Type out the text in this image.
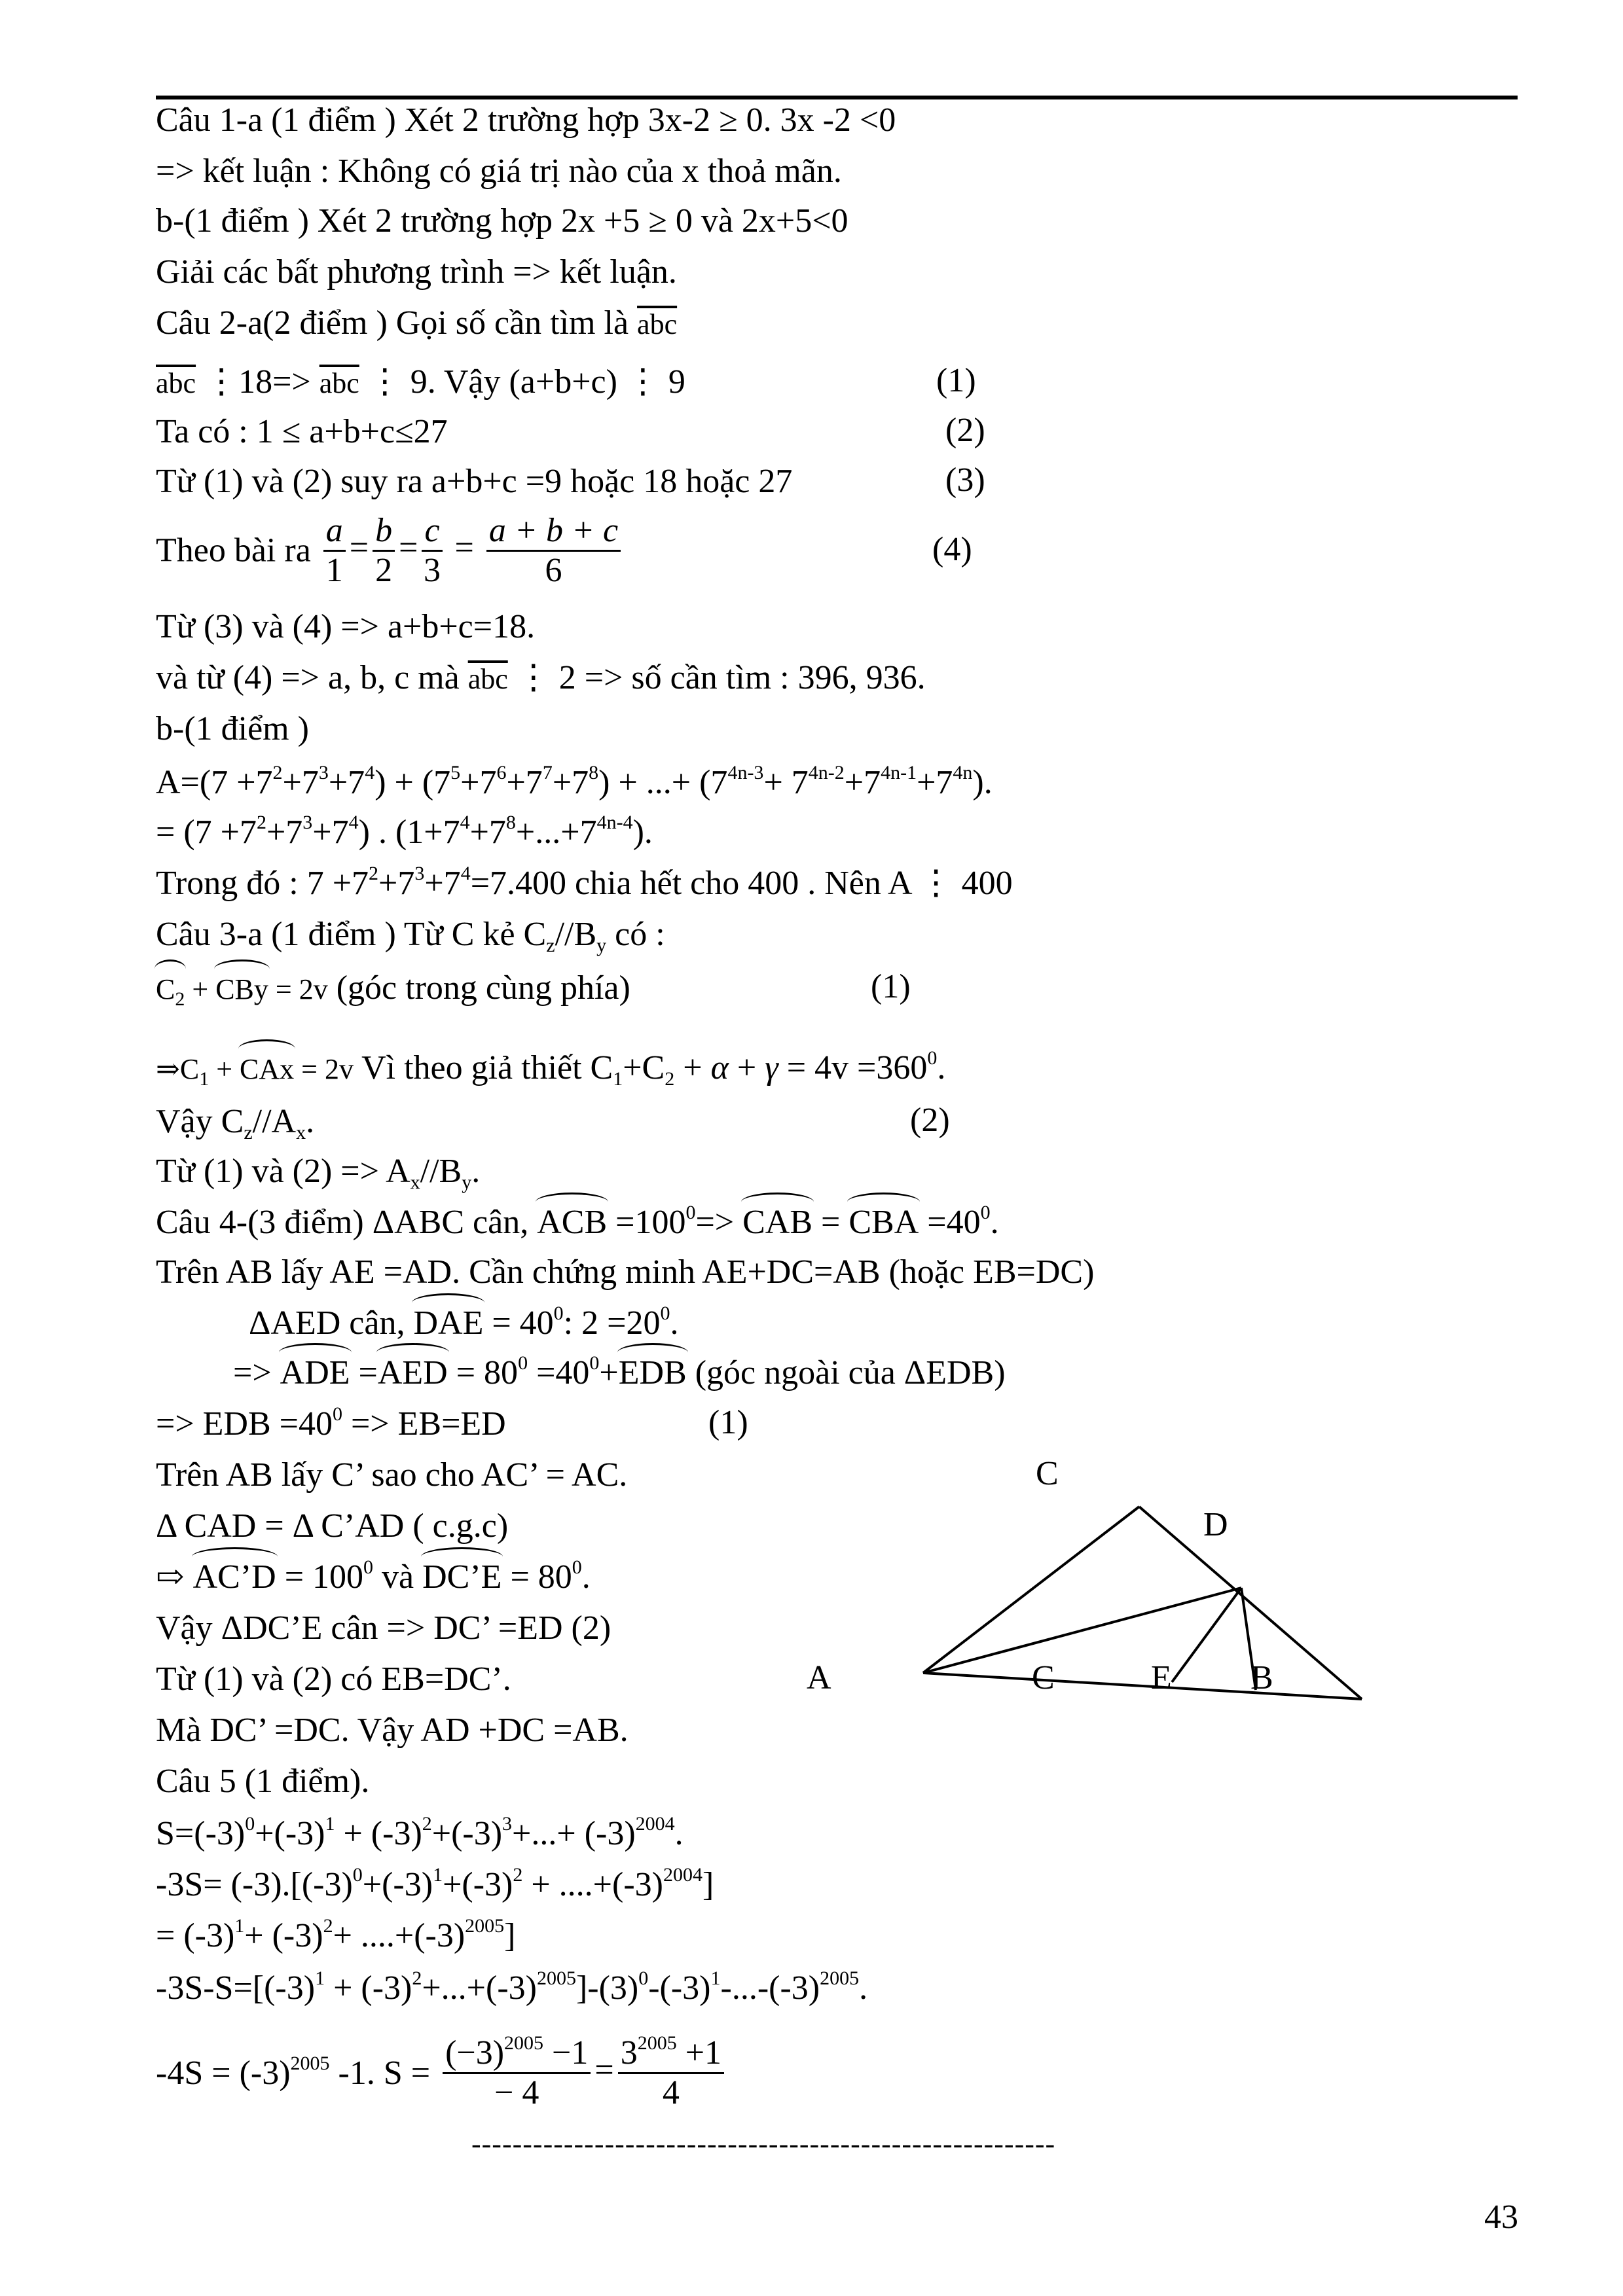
Câu 1-a (1 điểm ) Xét 2 trường hợp 3x-2 ≥ 0. 3x -2 <0
=> kết luận : Không có giá trị nào của x thoả mãn.
b-(1 điểm ) Xét 2 trường hợp 2x +5 ≥ 0 và 2x+5<0
Giải các bất phương trình => kết luận.
Câu 2-a(2 điểm ) Gọi số cần tìm là $\overline{abc}$
$\overline{abc}$ ⋮18=> $\overline{abc}$ ⋮ 9. Vậy (a+b+c) ⋮ 9	(1)
Ta có : 1 ≤ a+b+c≤27	(2)
Từ (1) và (2) suy ra a+b+c =9 hoặc 18 hoặc 27	(3)
Theo bài ra $\frac{a}{1} = \frac{b}{2} = \frac{c}{3} = \frac{a + b + c}{6}$	(4)
Từ (3) và (4) => a+b+c=18.
và từ (4) => a, b, c mà $\overline{abc}$ ⋮ 2 => số cần tìm : 396, 936.
b-(1 điểm )
$A=(7 +7^2+7^3+7^4) + (7^5+7^6+7^7+7^8)$ + ...+ $(7^{4n-3}+ 7^{4n-2}+7^{4n-1}+7^{4n})$.
= $(7 +7^2+7^3+7^4)$ . $(1+7^4+7^8+...+7^{4n-4})$.
Trong đó : $7 +7^2+7^3+7^4=7.400$ chia hết cho 400 . Nên A ⋮ 400
Câu 3-a (1 điểm ) Từ C kẻ $C_z//B_y$ có :
$C_2$ + CBy = 2v (góc trong cùng phía)	(1)
$\Rightarrow C_1$ + CAx = 2v Vì theo giả thiết $C_1+C_2 + \alpha + \gamma = 4v =360^0$.
Vậy $C_z//A_x$.	(2)
Từ (1) và $(2) => A_x//B_y$.
Câu 4-(3 điểm) ΔABC cân, ACB $=100^0=>$ CAB = CBA $=40^0$.
Trên AB lấy AE =AD. Cần chứng minh AE+DC=AB (hoặc EB=DC)
ΔAED cân, DAE = $40^0$: $2 =20^0$.
=> ADE $=AED = 80^0 =40^0+EDB$ (góc ngoài của ΔEDB)
=> EDB $=40^0 => EB=ED$	(1)
Trên AB lấy C’ sao cho AC’ = AC.
Δ CAD = Δ C’AD ( c.g.c)
⇨ AC’D = $100^0$ và DC’E = $80^0$.
Vậy ΔDC’E cân => DC’ =ED (2)
Từ (1) và (2) có EB=DC’.
Mà DC’ =DC. Vậy AD +DC =AB.
Câu 5 (1 điểm).
$S=(-3)^0+(-3)^1 + (-3)^2+(-3)^3+...+ (-3)^{2004}$.
$-3S= (-3).[(-3)^0+(-3)^1+(-3)^2 + ....+(-3)^{2004}]$
= $(-3)^1+ (-3)^2+ ....+(-3)^{2005}$]
$-3S-S=[(-3)^1 + (-3)^2+...+(-3)^{2005}]-(3)^0-(-3)^1-...-(-3)^{2005}$.
$-4S = (-3)^{2005}$ -1. $S = \frac{(-3)^{2005} -1}{- 4} = \frac{3^{2005} +1}{4}$
C
D
A	C	E B
---------------------------------------------------------
43
